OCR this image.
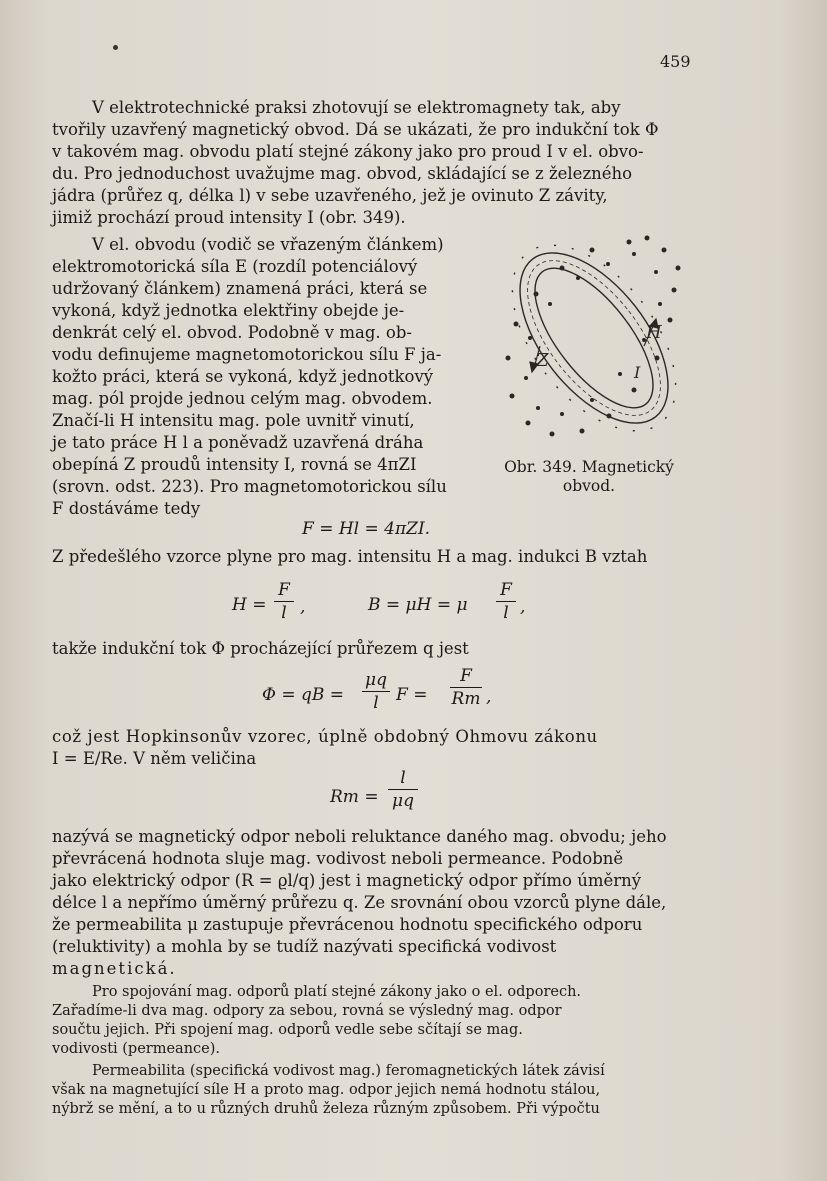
459
V elektrotechnické praksi zhotovují se elektromagnety tak, aby
tvořily uzavřený magnetický obvod. Dá se ukázati, že pro indukční tok Φ
v takovém mag. obvodu platí stejné zákony jako pro proud I v el. obvo-
du. Pro jednoduchost uvažujme mag. obvod, skládající se z železného
jádra (průřez q, délka l) v sebe uzavřeného, jež je ovinuto Z závity,
jimiž prochází proud intensity I (obr. 349).
V el. obvodu (vodič se vřazeným článkem)
elektromotorická síla E (rozdíl potenciálový
udržovaný článkem) znamená práci, která se
vykoná, když jednotka elektřiny obejde je-
denkrát celý el. obvod. Podobně v mag. ob-
vodu definujeme magnetomotorickou sílu F ja-
kožto práci, která se vykoná, když jednotkový
mag. pól projde jednou celým mag. obvodem.
Značí-li H intensitu mag. pole uvnitř vinutí,
je tato práce H l a poněvadž uzavřená dráha
obepíná Z proudů intensity I, rovná se 4πZI
(srovn. odst. 223). Pro magnetomotorickou sílu
F dostáváme tedy
Z
H
I
Obr. 349. Magnetický
obvod.
F = Hl = 4πZI.
Z předešlého vzorce plyne pro mag. intensitu H a mag. indukci B vztah
H =
F
l ,	B = μH = μ
F
l ,
takže indukční tok Φ procházející průřezem q jest
Φ = qB =
μq
l	F =
F
Rm ,
což jest Hopkinsonův vzorec, úplně obdobný Ohmovu zákonu
I = E/Re. V něm veličina
Rm =
l
μq
nazývá se magnetický odpor neboli reluktance daného mag. obvodu; jeho
převrácená hodnota sluje mag. vodivost neboli permeance. Podobně
jako elektrický odpor (R = ϱl/q) jest i magnetický odpor přímo úměrný
délce l a nepřímo úměrný průřezu q. Ze srovnání obou vzorců plyne dále,
že permeabilita μ zastupuje převrácenou hodnotu specifického odporu
(reluktivity) a mohla by se tudíž nazývati specifická vodivost
magnetická.
Pro spojování mag. odporů platí stejné zákony jako o el. odporech.
Zařadíme-li dva mag. odpory za sebou, rovná se výsledný mag. odpor
součtu jejich. Při spojení mag. odporů vedle sebe sčítají se mag.
vodivosti (permeance).
Permeabilita (specifická vodivost mag.) feromagnetických látek závisí
však na magnetující síle H a proto mag. odpor jejich nemá hodnotu stálou,
nýbrž se mění, a to u různých druhů železa různým způsobem. Při výpočtu
